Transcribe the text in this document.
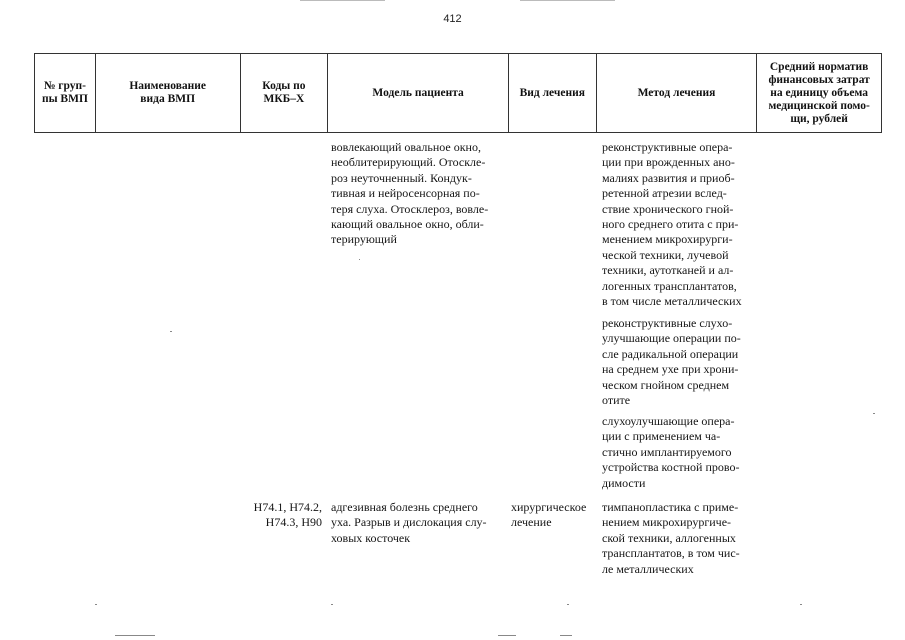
412
№ груп-
пы ВМП
Наименование
вида ВМП
Коды по
МКБ–X
Модель пациента	Вид лечения	Метод лечения
Средний норматив
финансовых затрат
на единицу объема
медицинской помо-
щи, рублей
вовлекающий овальное окно,
необлитерирующий. Отоскле-
роз неуточненный. Кондук-
тивная и нейросенсорная по-
теря слуха. Отосклероз, вовле-
кающий овальное окно, обли-
терирующий
реконструктивные опера-
ции при врожденных ано-
малиях развития и приоб-
ретенной атрезии вслед-
ствие хронического гной-
ного среднего отита с при-
менением микрохирурги-
ческой техники, лучевой
техники, аутотканей и ал-
логенных трансплантатов,
в том числе металлических
реконструктивные слухо-
улучшающие операции по-
сле радикальной операции
на среднем ухе при хрони-
ческом гнойном среднем
отите
слухоулучшающие опера-
ции с применением ча-
стично имплантируемого
устройства костной прово-
димости
H74.1, H74.2,
H74.3, H90
адгезивная болезнь среднего
уха. Разрыв и дислокация слу-
ховых косточек
хирургическое
лечение
тимпанопластика с приме-
нением микрохирургиче-
ской техники, аллогенных
трансплантатов, в том чис-
ле металлических
